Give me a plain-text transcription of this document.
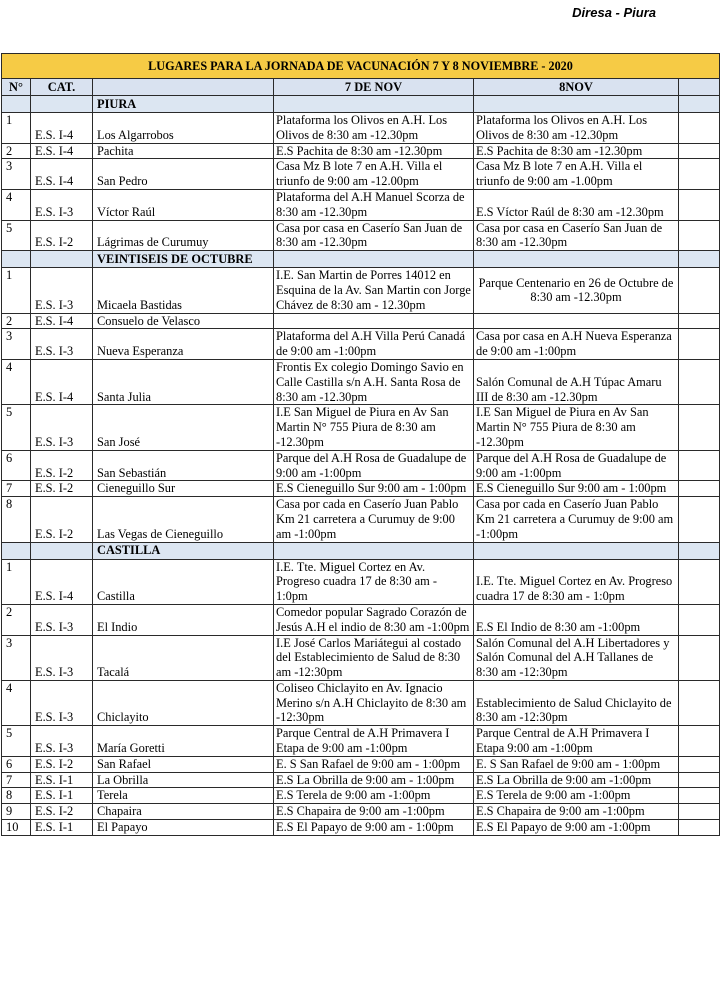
Diresa - Piura
LUGARES PARA LA JORNADA DE VACUNACIÓN 7 Y 8 NOVIEMBRE - 2020					
N°	CAT.		7 DE NOV	8NOV	
		PIURA			
1	E.S. I-4	Los Algarrobos	Plataforma los Olivos en A.H. Los Olivos de 8:30 am -12.30pm	Plataforma los Olivos en A.H. Los Olivos de 8:30 am -12.30pm	
2	E.S. I-4	Pachita	E.S Pachita de 8:30 am -12.30pm	E.S Pachita de 8:30 am -12.30pm	
3	E.S. I-4	San Pedro	Casa Mz B lote 7 en A.H. Villa el triunfo de 9:00 am -12.00pm	Casa Mz B lote 7 en A.H. Villa el triunfo de 9:00 am -1.00pm	
4	E.S. I-3	Víctor Raúl	Plataforma del A.H Manuel Scorza de 8:30 am -12.30pm	E.S Víctor Raúl de 8:30 am -12.30pm	
5	E.S. I-2	Lágrimas de Curumuy	Casa por casa en Caserío San Juan de 8:30 am -12.30pm	Casa por casa en Caserío San Juan de 8:30 am -12.30pm	
		VEINTISEIS DE OCTUBRE			
1	E.S. I-3	Micaela Bastidas	I.E. San Martin de Porres 14012 en Esquina de la Av. San Martin con Jorge Chávez de 8:30 am - 12.30pm	Parque Centenario en 26 de Octubre de 8:30 am -12.30pm	
2	E.S. I-4	Consuelo de Velasco			
3	E.S. I-3	Nueva Esperanza	Plataforma del A.H Villa Perú Canadá de 9:00 am -1:00pm	Casa por casa en A.H Nueva Esperanza de 9:00 am -1:00pm	
4	E.S. I-4	Santa Julia	Frontis Ex colegio Domingo Savio en Calle Castilla s/n A.H. Santa Rosa de 8:30 am -12.30pm	Salón Comunal de A.H Túpac Amaru III de 8:30 am -12.30pm	
5	E.S. I-3	San José	I.E San Miguel de Piura en Av San Martin N° 755 Piura de 8:30 am -12.30pm	I.E San Miguel de Piura en Av San Martin N° 755 Piura de 8:30 am -12.30pm	
6	E.S. I-2	San Sebastián	Parque del A.H Rosa de Guadalupe de 9:00 am -1:00pm	Parque del A.H Rosa de Guadalupe de 9:00 am -1:00pm	
7	E.S. I-2	Cieneguillo Sur	E.S Cieneguillo Sur 9:00 am - 1:00pm	E.S Cieneguillo Sur 9:00 am - 1:00pm	
8	E.S. I-2	Las Vegas de Cieneguillo	Casa por cada en Caserío Juan Pablo Km 21 carretera a Curumuy de 9:00 am -1:00pm	Casa por cada en Caserío Juan Pablo Km 21 carretera a Curumuy de 9:00 am -1:00pm	
		CASTILLA			
1	E.S. I-4	Castilla	I.E. Tte. Miguel Cortez en Av. Progreso cuadra 17 de 8:30 am - 1:0pm	I.E. Tte. Miguel Cortez en Av. Progreso cuadra 17 de 8:30 am - 1:0pm	
2	E.S. I-3	El Indio	Comedor popular Sagrado Corazón de Jesús A.H el indio de 8:30 am -1:00pm	E.S El Indio de 8:30 am -1:00pm	
3	E.S. I-3	Tacalá	I.E José Carlos Mariátegui al costado del Establecimiento de Salud de 8:30 am -12:30pm	Salón Comunal del A.H Libertadores y Salón Comunal del A.H Tallanes de 8:30 am -12:30pm	
4	E.S. I-3	Chiclayito	Coliseo Chiclayito en Av. Ignacio Merino s/n A.H Chiclayito de 8:30 am -12:30pm	Establecimiento de Salud Chiclayito de 8:30 am -12:30pm	
5	E.S. I-3	María Goretti	Parque Central de A.H Primavera I Etapa de 9:00 am -1:00pm	Parque Central de A.H Primavera I Etapa 9:00 am -1:00pm	
6	E.S. I-2	San Rafael	E. S San Rafael de 9:00 am - 1:00pm	E. S San Rafael de 9:00 am - 1:00pm	
7	E.S. I-1	La Obrilla	E.S La Obrilla de 9:00 am - 1:00pm	E.S La Obrilla de 9:00 am -1:00pm	
8	E.S. I-1	Terela	E.S Terela de 9:00 am -1:00pm	E.S Terela de 9:00 am -1:00pm	
9	E.S. I-2	Chapaira	E.S Chapaira de 9:00 am -1:00pm	E.S Chapaira de 9:00 am -1:00pm	
10	E.S. I-1	El Papayo	E.S El Papayo de 9:00 am - 1:00pm	E.S El Papayo de 9:00 am -1:00pm	
